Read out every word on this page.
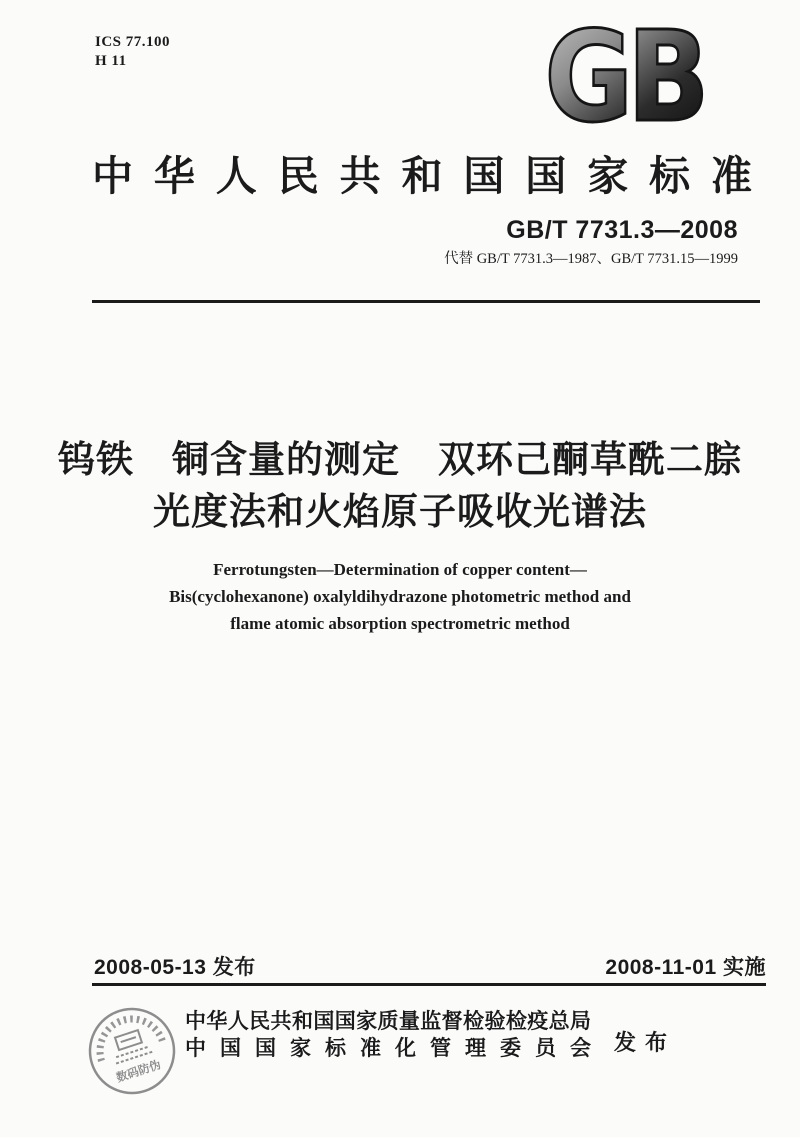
ICS 77.100
H 11	GB
中华人民共和国国家标准
GB/T 7731.3—2008
代替 GB/T 7731.3—1987、GB/T 7731.15—1999
钨铁　铜含量的测定　双环己酮草酰二腙
光度法和火焰原子吸收光谱法
Ferrotungsten—Determination of copper content—
Bis(cyclohexanone) oxalyldihydrazone photometric method and
flame atomic absorption spectrometric method
2008-05-13 发布	2008-11-01 实施
数码防伪
中华人民共和国国家质量监督检验检疫总局
中国国家标准化管理委员会 发布
